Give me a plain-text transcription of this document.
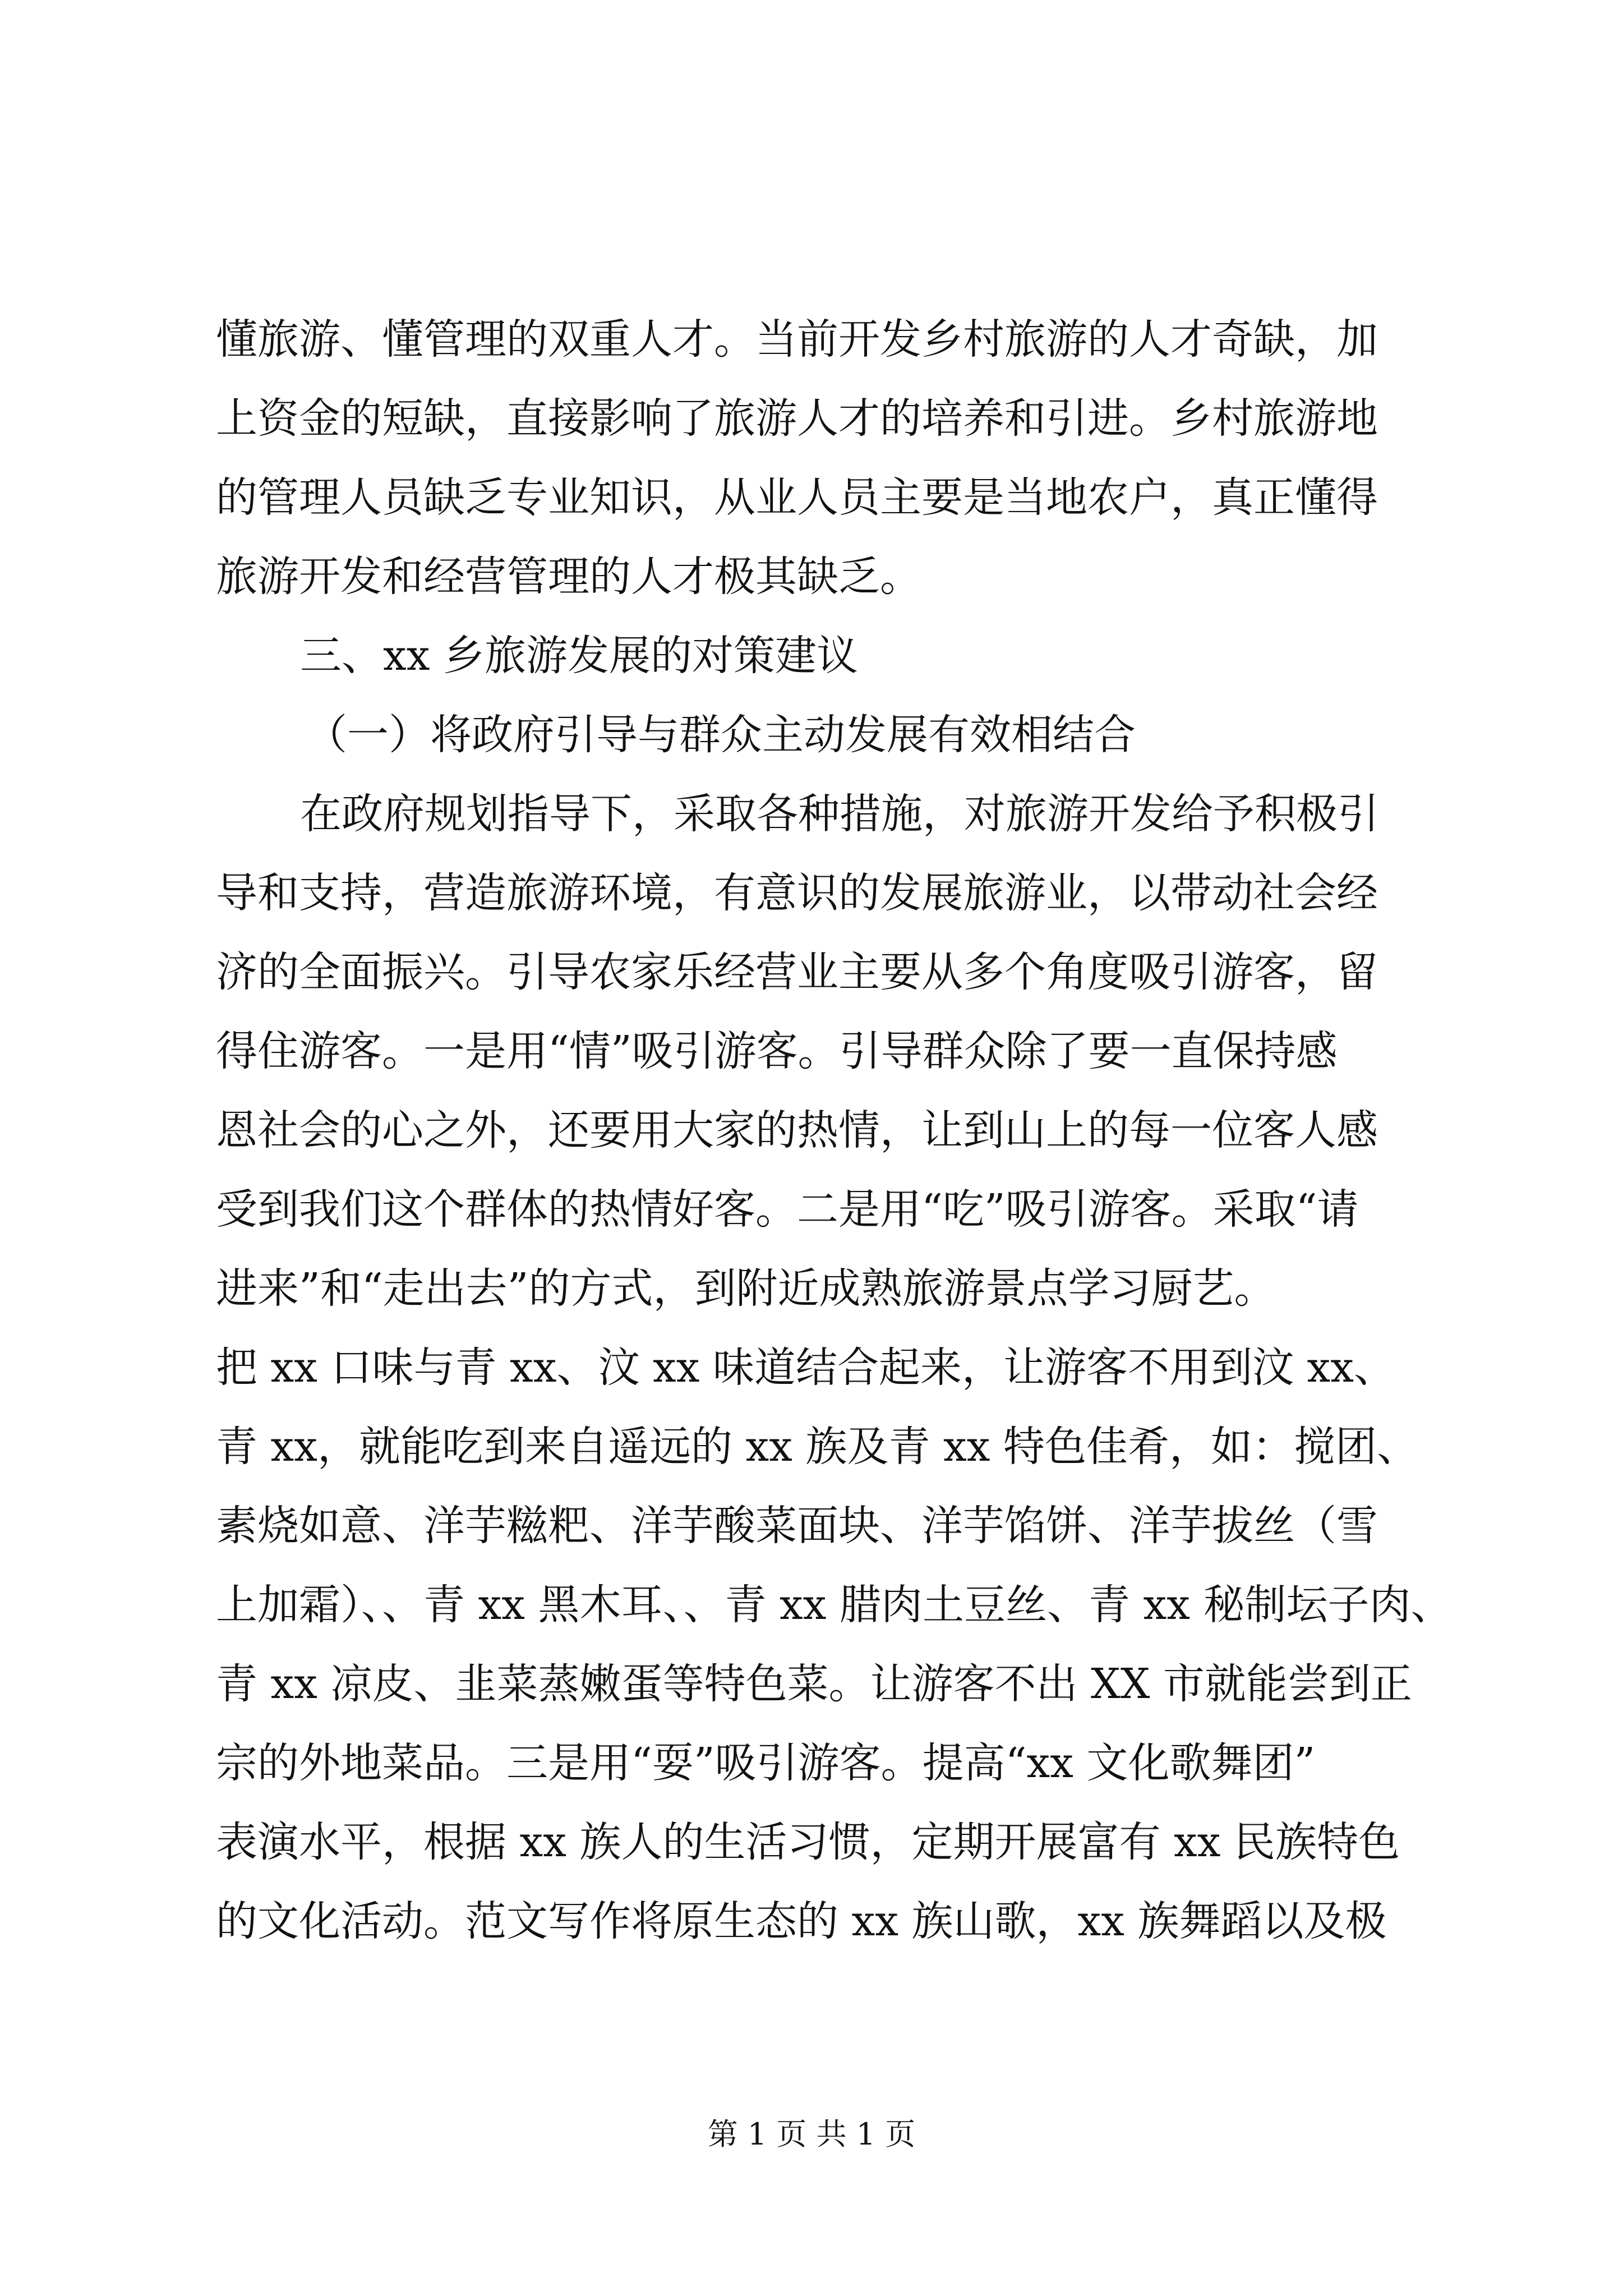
懂旅游、懂管理的双重人才。当前开发乡村旅游的人才奇缺，加
上资金的短缺，直接影响了旅游人才的培养和引进。乡村旅游地
的管理人员缺乏专业知识，从业人员主要是当地农户，真正懂得
旅游开发和经营管理的人才极其缺乏。
三、xx 乡旅游发展的对策建议
（一）将政府引导与群众主动发展有效相结合
在政府规划指导下，采取各种措施，对旅游开发给予积极引
导和支持，营造旅游环境，有意识的发展旅游业，以带动社会经
济的全面振兴。引导农家乐经营业主要从多个角度吸引游客，留
得住游客。一是用“情”吸引游客。引导群众除了要一直保持感
恩社会的心之外，还要用大家的热情，让到山上的每一位客人感
受到我们这个群体的热情好客。二是用“吃”吸引游客。采取“请
进来”和“走出去”的方式，到附近成熟旅游景点学习厨艺。
把 xx 口味与青 xx、汶 xx 味道结合起来，让游客不用到汶 xx、
青 xx，就能吃到来自遥远的 xx 族及青 xx 特色佳肴，如：搅团、
素烧如意、洋芋糍粑、洋芋酸菜面块、洋芋馅饼、洋芋拔丝（雪
上加霜）、、青 xx 黑木耳、、青 xx 腊肉土豆丝、青 xx 秘制坛子肉、
青 xx 凉皮、韭菜蒸嫩蛋等特色菜。让游客不出 XX 市就能尝到正
宗的外地菜品。三是用“耍”吸引游客。提高“xx 文化歌舞团”
表演水平，根据 xx 族人的生活习惯，定期开展富有 xx 民族特色
的文化活动。范文写作将原生态的 xx 族山歌，xx 族舞蹈以及极
第 1 页 共 1 页
